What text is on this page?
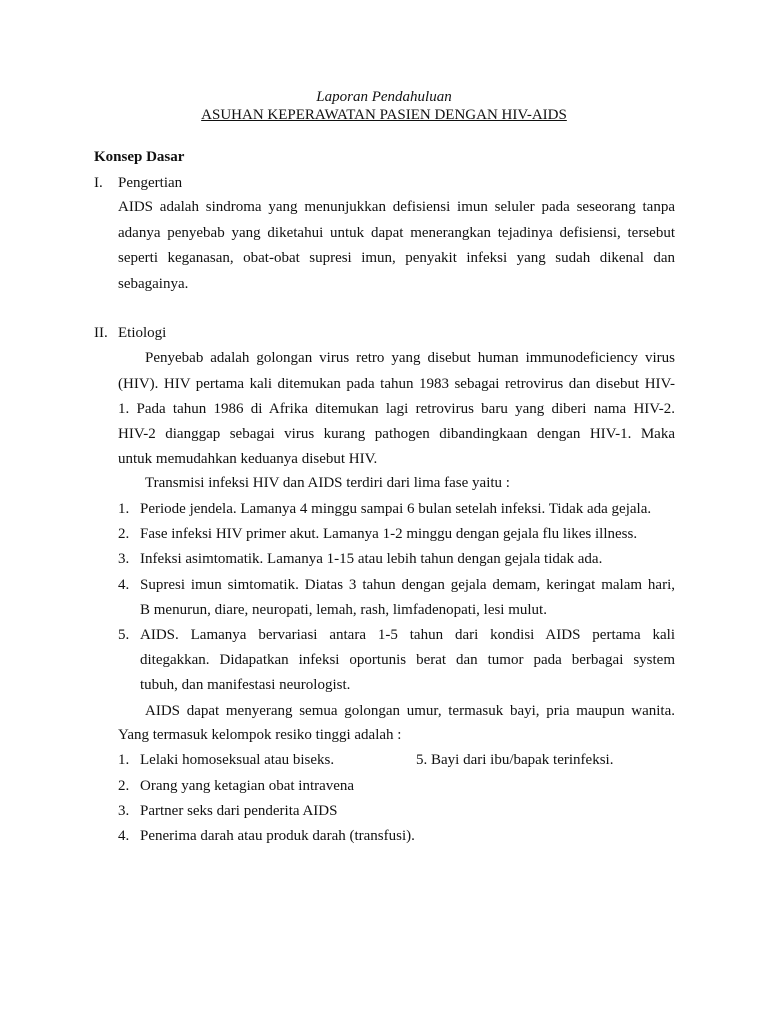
Laporan Pendahuluan
ASUHAN KEPERAWATAN PASIEN DENGAN HIV-AIDS
Konsep Dasar
I. Pengertian
AIDS adalah sindroma yang menunjukkan defisiensi imun seluler pada seseorang tanpa
adanya penyebab yang diketahui untuk dapat menerangkan tejadinya defisiensi, tersebut
seperti keganasan, obat-obat supresi imun, penyakit infeksi yang sudah dikenal dan
sebagainya.
II. Etiologi
Penyebab adalah golongan virus retro yang disebut human immunodeficiency virus
(HIV). HIV pertama kali ditemukan pada tahun 1983 sebagai retrovirus dan disebut HIV-
1. Pada tahun 1986 di Afrika ditemukan lagi retrovirus baru yang diberi nama HIV-2.
HIV-2 dianggap sebagai virus kurang pathogen dibandingkaan dengan HIV-1. Maka
untuk memudahkan keduanya disebut HIV.
Transmisi infeksi HIV dan AIDS terdiri dari lima fase yaitu :
1. Periode jendela. Lamanya 4 minggu sampai 6 bulan setelah infeksi. Tidak ada gejala.
2. Fase infeksi HIV primer akut. Lamanya 1-2 minggu dengan gejala flu likes illness.
3. Infeksi asimtomatik. Lamanya 1-15 atau lebih tahun dengan gejala tidak ada.
4. Supresi imun simtomatik. Diatas 3 tahun dengan gejala demam, keringat malam hari,
B menurun, diare, neuropati, lemah, rash, limfadenopati, lesi mulut.
5. AIDS. Lamanya bervariasi antara 1-5 tahun dari kondisi AIDS pertama kali
ditegakkan. Didapatkan infeksi oportunis berat dan tumor pada berbagai system
tubuh, dan manifestasi neurologist.
AIDS dapat menyerang semua golongan umur, termasuk bayi, pria maupun wanita.
Yang termasuk kelompok resiko tinggi adalah :
1. Lelaki homoseksual atau biseks.	5. Bayi dari ibu/bapak terinfeksi.
2. Orang yang ketagian obat intravena
3. Partner seks dari penderita AIDS
4. Penerima darah atau produk darah (transfusi).
